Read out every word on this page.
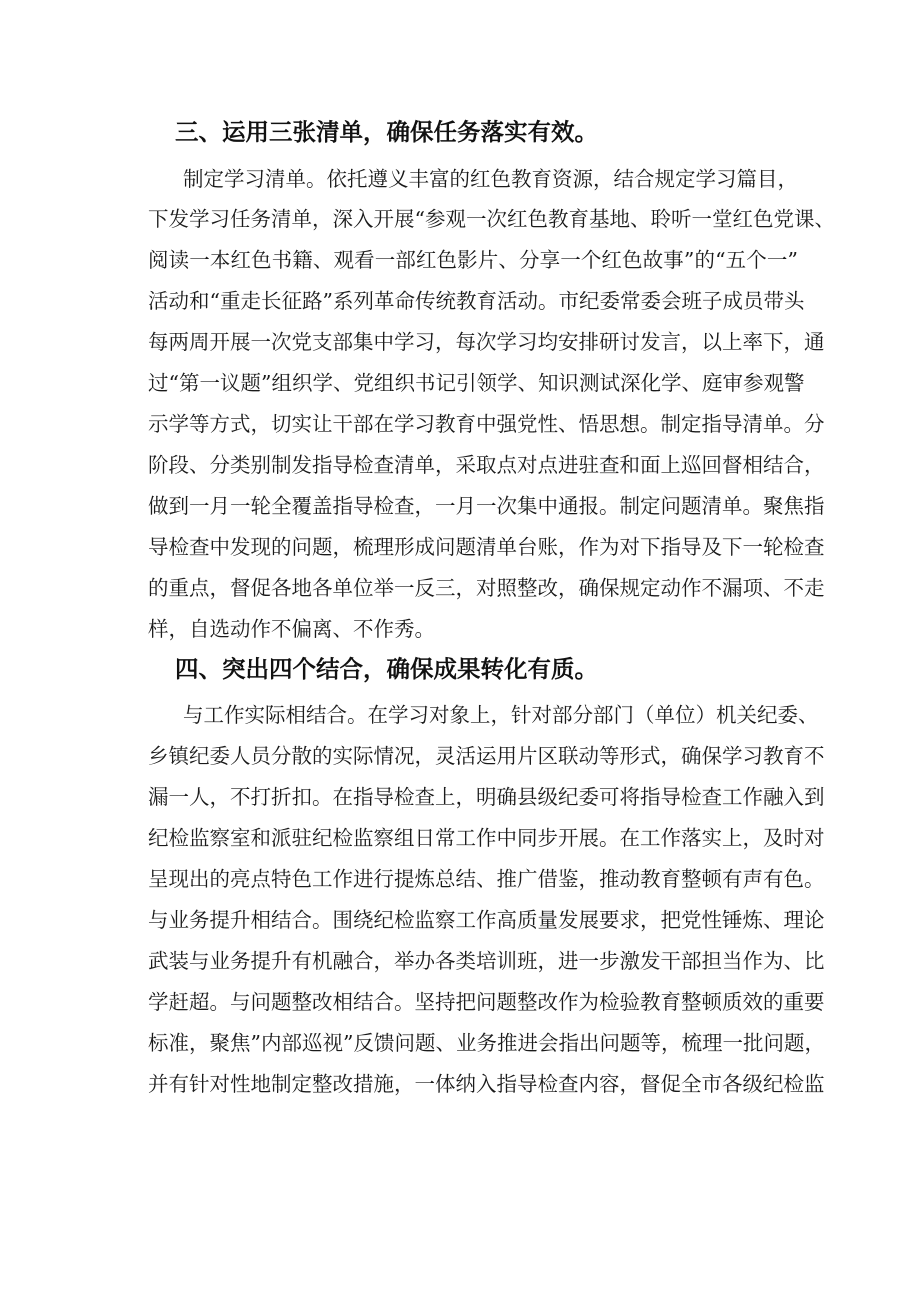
三、运用三张清单，确保任务落实有效。
制定学习清单。依托遵义丰富的红色教育资源，结合规定学习篇目，
下发学习任务清单，深入开展“参观一次红色教育基地、聆听一堂红色党课、
阅读一本红色书籍、观看一部红色影片、分享一个红色故事”的“五个一”
活动和“重走长征路”系列革命传统教育活动。市纪委常委会班子成员带头
每两周开展一次党支部集中学习，每次学习均安排研讨发言，以上率下，通
过“第一议题”组织学、党组织书记引领学、知识测试深化学、庭审参观警
示学等方式，切实让干部在学习教育中强党性、悟思想。制定指导清单。分
阶段、分类别制发指导检查清单，采取点对点进驻查和面上巡回督相结合，
做到一月一轮全覆盖指导检查，一月一次集中通报。制定问题清单。聚焦指
导检查中发现的问题，梳理形成问题清单台账，作为对下指导及下一轮检查
的重点，督促各地各单位举一反三，对照整改，确保规定动作不漏项、不走
样，自选动作不偏离、不作秀。
四、突出四个结合，确保成果转化有质。
与工作实际相结合。在学习对象上，针对部分部门（单位）机关纪委、
乡镇纪委人员分散的实际情况，灵活运用片区联动等形式，确保学习教育不
漏一人，不打折扣。在指导检查上，明确县级纪委可将指导检查工作融入到
纪检监察室和派驻纪检监察组日常工作中同步开展。在工作落实上，及时对
呈现出的亮点特色工作进行提炼总结、推广借鉴，推动教育整顿有声有色。
与业务提升相结合。围绕纪检监察工作高质量发展要求，把党性锤炼、理论
武装与业务提升有机融合，举办各类培训班，进一步激发干部担当作为、比
学赶超。与问题整改相结合。坚持把问题整改作为检验教育整顿质效的重要
标准，聚焦”内部巡视”反馈问题、业务推进会指出问题等，梳理一批问题，
并有针对性地制定整改措施，一体纳入指导检查内容，督促全市各级纪检监
